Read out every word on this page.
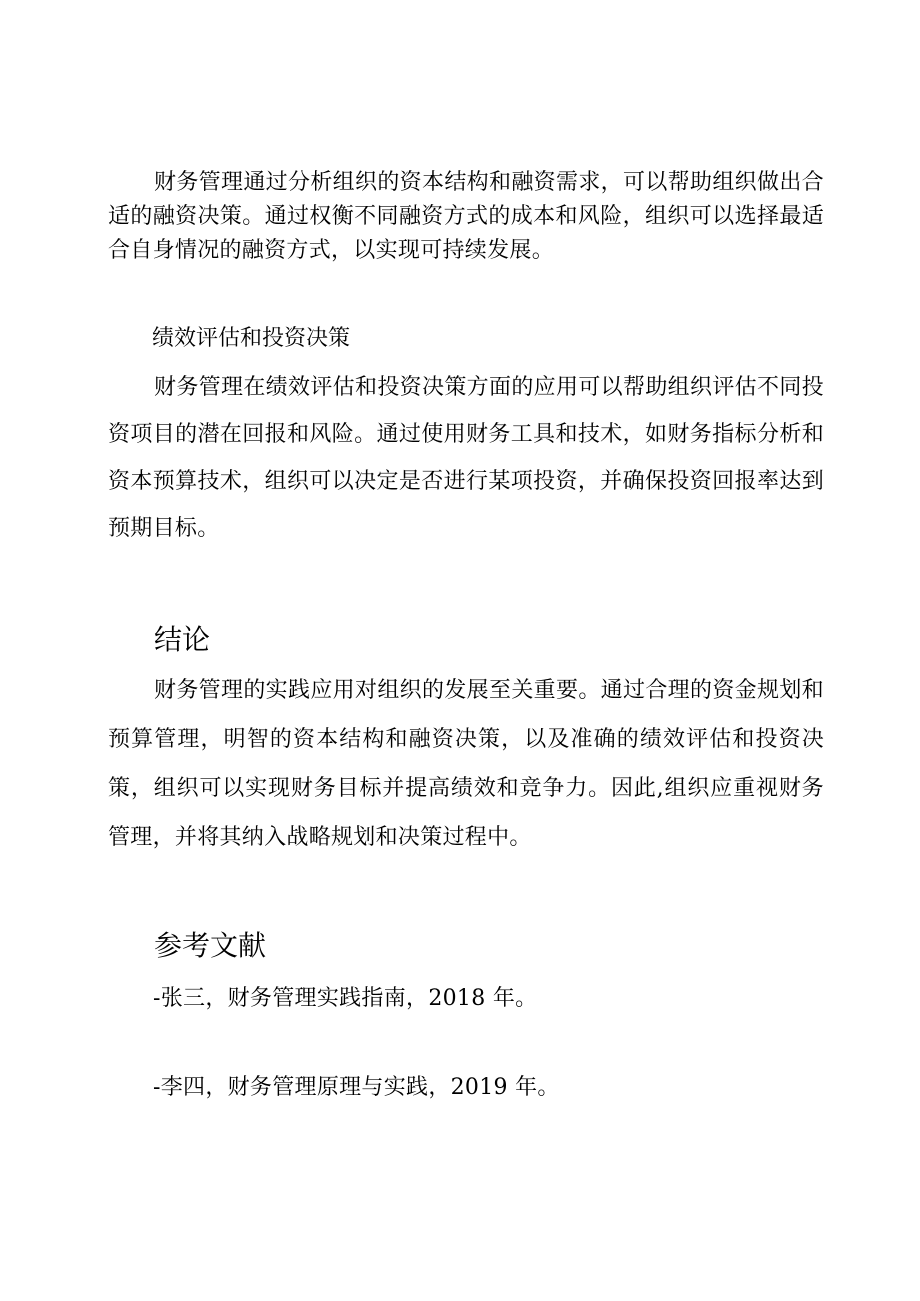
财务管理通过分析组织的资本结构和融资需求，可以帮助组织做出合适的融资决策。通过权衡不同融资方式的成本和风险，组织可以选择最适合自身情况的融资方式，以实现可持续发展。

绩效评估和投资决策

财务管理在绩效评估和投资决策方面的应用可以帮助组织评估不同投资项目的潜在回报和风险。通过使用财务工具和技术，如财务指标分析和资本预算技术，组织可以决定是否进行某项投资，并确保投资回报率达到预期目标。

结论

财务管理的实践应用对组织的发展至关重要。通过合理的资金规划和预算管理，明智的资本结构和融资决策，以及准确的绩效评估和投资决策，组织可以实现财务目标并提高绩效和竞争力。因此,组织应重视财务管理，并将其纳入战略规划和决策过程中。

参考文献

-张三，财务管理实践指南，2018 年。

-李四，财务管理原理与实践，2019 年。
